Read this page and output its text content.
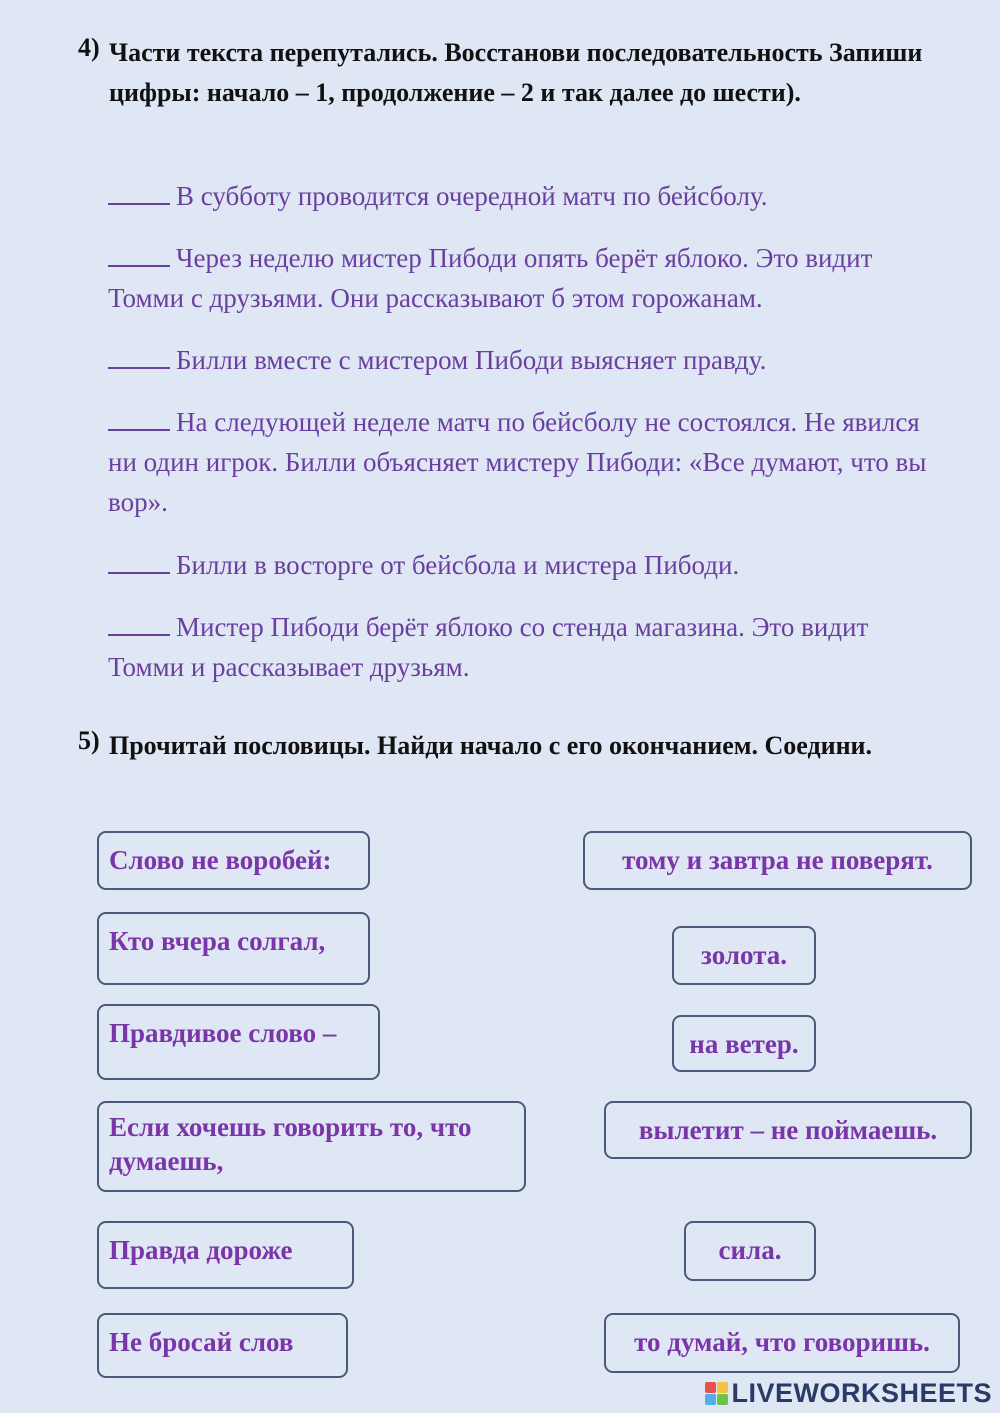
4) Части текста перепутались. Восстанови последовательность Запиши цифры: начало – 1, продолжение – 2 и так далее до шести).
В субботу проводится очередной матч по бейсболу.
Через неделю мистер Пибоди опять берёт яблоко. Это видит Томми с друзьями. Они рассказывают б этом горожанам.
Билли вместе с мистером Пибоди выясняет правду.
На следующей неделе матч по бейсболу не состоялся. Не явился ни один игрок. Билли объясняет мистеру Пибоди: «Все думают, что вы вор».
Билли в восторге от бейсбола и мистера Пибоди.
Мистер Пибоди берёт яблоко со стенда магазина. Это видит Томми и рассказывает друзьям.
5) Прочитай пословицы. Найди начало с его окончанием. Соедини.
Слово не воробей:
Кто вчера солгал,
Правдивое слово –
Если хочешь говорить то, что думаешь,
Правда дороже
Не бросай слов
тому и завтра не поверят.
золота.
на ветер.
вылетит – не поймаешь.
сила.
то думай, что говоришь.
LIVEWORKSHEETS
